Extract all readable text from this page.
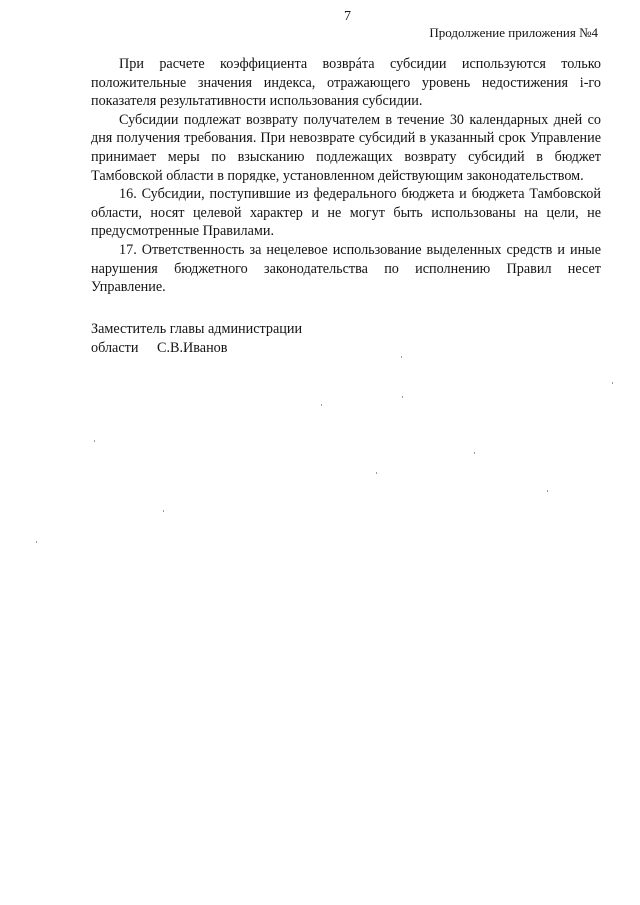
7
Продолжение приложения №4

При расчете коэффициента возврáта субсидии используются только положительные значения индекса, отражающего уровень недостижения i-го показателя результативности использования субсидии.

Субсидии подлежат возврату получателем в течение 30 календарных дней со дня получения требования. При невозврате субсидий в указанный срок Управление принимает меры по взысканию подлежащих возврату субсидий в бюджет Тамбовской области в порядке, установленном действующим законодательством.

16. Субсидии, поступившие из федерального бюджета и бюджета Тамбовской области, носят целевой характер и не могут быть использованы на цели, не предусмотренные Правилами.

17. Ответственность за нецелевое использование выделенных средств и иные нарушения бюджетного законодательства по исполнению Правил несет Управление.

Заместитель главы администрации
области С.В.Иванов
